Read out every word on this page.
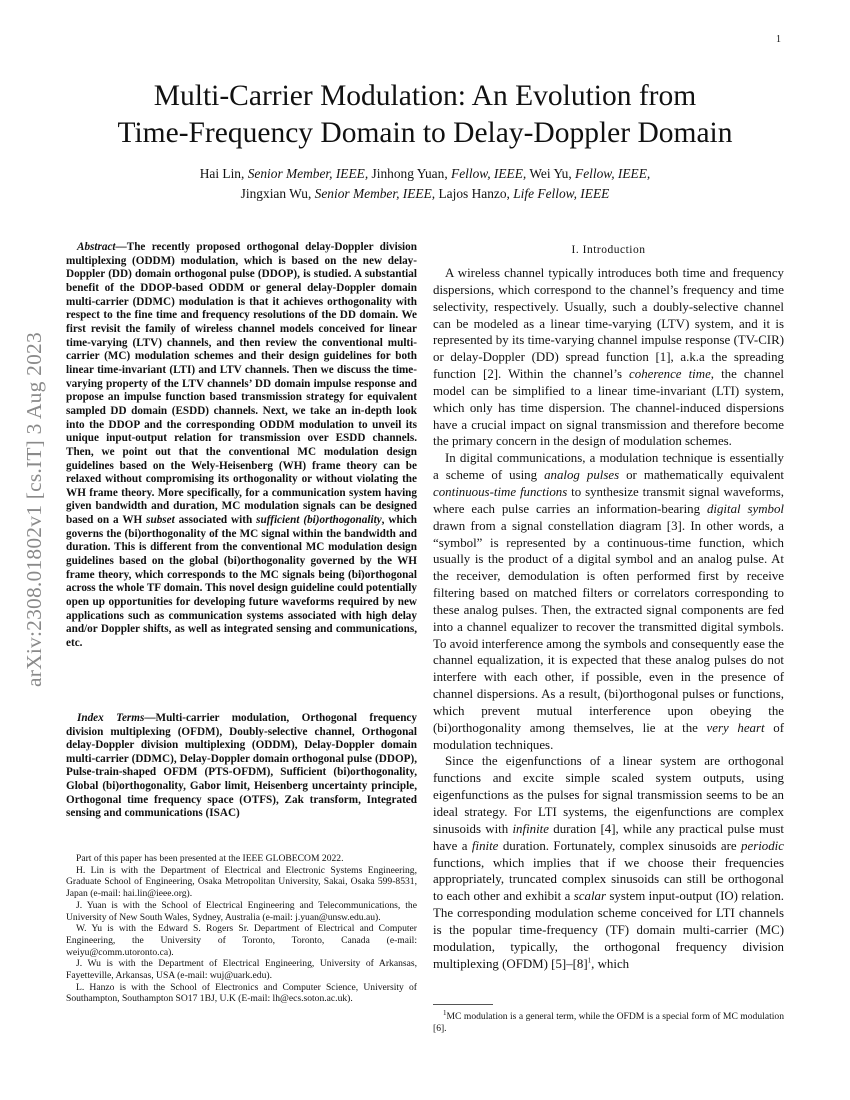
1
arXiv:2308.01802v1 [cs.IT] 3 Aug 2023
Multi-Carrier Modulation: An Evolution from
Time-Frequency Domain to Delay-Doppler Domain
Hai Lin, Senior Member, IEEE, Jinhong Yuan, Fellow, IEEE, Wei Yu, Fellow, IEEE,
Jingxian Wu, Senior Member, IEEE, Lajos Hanzo, Life Fellow, IEEE

Abstract—The recently proposed orthogonal delay-Doppler division multiplexing (ODDM) modulation, which is based on the new delay-Doppler (DD) domain orthogonal pulse (DDOP), is studied. A substantial benefit of the DDOP-based ODDM or general delay-Doppler domain multi-carrier (DDMC) modulation is that it achieves orthogonality with respect to the fine time and frequency resolutions of the DD domain. We first revisit the family of wireless channel models conceived for linear time-varying (LTV) channels, and then review the conventional multi-carrier (MC) modulation schemes and their design guidelines for both linear time-invariant (LTI) and LTV channels. Then we discuss the time-varying property of the LTV channels’ DD domain impulse response and propose an impulse function based transmission strategy for equivalent sampled DD domain (ESDD) channels. Next, we take an in-depth look into the DDOP and the corresponding ODDM modulation to unveil its unique input-output relation for transmission over ESDD channels. Then, we point out that the conventional MC modulation design guidelines based on the Wely-Heisenberg (WH) frame theory can be relaxed without compromising its orthogonality or without violating the WH frame theory. More specifically, for a communication system having given bandwidth and duration, MC modulation signals can be designed based on a WH subset associated with sufficient (bi)orthogonality, which governs the (bi)orthogonality of the MC signal within the bandwidth and duration. This is different from the conventional MC modulation design guidelines based on the global (bi)orthogonality governed by the WH frame theory, which corresponds to the MC signals being (bi)orthogonal across the whole TF domain. This novel design guideline could potentially open up opportunities for developing future waveforms required by new applications such as communication systems associated with high delay and/or Doppler shifts, as well as integrated sensing and communications, etc.

Index Terms—Multi-carrier modulation, Orthogonal frequency division multiplexing (OFDM), Doubly-selective channel, Orthogonal delay-Doppler division multiplexing (ODDM), Delay-Doppler domain multi-carrier (DDMC), Delay-Doppler domain orthogonal pulse (DDOP), Pulse-train-shaped OFDM (PTS-OFDM), Sufficient (bi)orthogonality, Global (bi)orthogonality, Gabor limit, Heisenberg uncertainty principle, Orthogonal time frequency space (OTFS), Zak transform, Integrated sensing and communications (ISAC)

Part of this paper has been presented at the IEEE GLOBECOM 2022.

H. Lin is with the Department of Electrical and Electronic Systems Engineering, Graduate School of Engineering, Osaka Metropolitan University, Sakai, Osaka 599-8531, Japan (e-mail: hai.lin@ieee.org).

J. Yuan is with the School of Electrical Engineering and Telecommunications, the University of New South Wales, Sydney, Australia (e-mail: j.yuan@unsw.edu.au).

W. Yu is with the Edward S. Rogers Sr. Department of Electrical and Computer Engineering, the University of Toronto, Toronto, Canada (e-mail: weiyu@comm.utoronto.ca).

J. Wu is with the Department of Electrical Engineering, University of Arkansas, Fayetteville, Arkansas, USA (e-mail: wuj@uark.edu).

L. Hanzo is with the School of Electronics and Computer Science, University of Southampton, Southampton SO17 1BJ, U.K (E-mail: lh@ecs.soton.ac.uk).

I. Introduction

A wireless channel typically introduces both time and frequency dispersions, which correspond to the channel’s frequency and time selectivity, respectively. Usually, such a doubly-selective channel can be modeled as a linear time-varying (LTV) system, and it is represented by its time-varying channel impulse response (TV-CIR) or delay-Doppler (DD) spread function [1], a.k.a the spreading function [2]. Within the channel’s coherence time, the channel model can be simplified to a linear time-invariant (LTI) system, which only has time dispersion. The channel-induced dispersions have a crucial impact on signal transmission and therefore become the primary concern in the design of modulation schemes.

In digital communications, a modulation technique is essentially a scheme of using analog pulses or mathematically equivalent continuous-time functions to synthesize transmit signal waveforms, where each pulse carries an information-bearing digital symbol drawn from a signal constellation diagram [3]. In other words, a “symbol” is represented by a continuous-time function, which usually is the product of a digital symbol and an analog pulse. At the receiver, demodulation is often performed first by receive filtering based on matched filters or correlators corresponding to these analog pulses. Then, the extracted signal components are fed into a channel equalizer to recover the transmitted digital symbols. To avoid interference among the symbols and consequently ease the channel equalization, it is expected that these analog pulses do not interfere with each other, if possible, even in the presence of channel dispersions. As a result, (bi)orthogonal pulses or functions, which prevent mutual interference upon obeying the (bi)orthogonality among themselves, lie at the very heart of modulation techniques.

Since the eigenfunctions of a linear system are orthogonal functions and excite simple scaled system outputs, using eigenfunctions as the pulses for signal transmission seems to be an ideal strategy. For LTI systems, the eigenfunctions are complex sinusoids with infinite duration [4], while any practical pulse must have a finite duration. Fortunately, complex sinusoids are periodic functions, which implies that if we choose their frequencies appropriately, truncated complex sinusoids can still be orthogonal to each other and exhibit a scalar system input-output (IO) relation. The corresponding modulation scheme conceived for LTI channels is the popular time-frequency (TF) domain multi-carrier (MC) modulation, typically, the orthogonal frequency division multiplexing (OFDM) $[5]-[8]^1$, which

$^1$MC modulation is a general term, while the OFDM is a special form of MC modulation [6].
